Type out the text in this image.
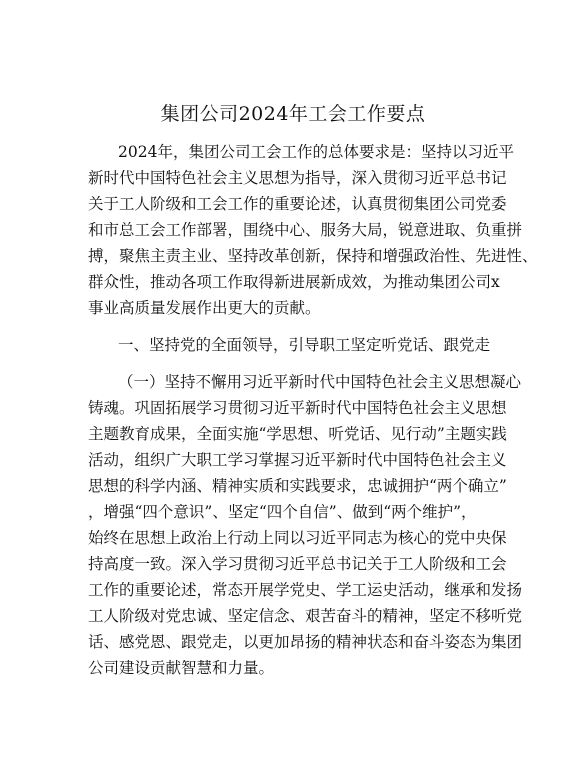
集团公司2024年工会工作要点
2024年，集团公司工会工作的总体要求是：坚持以习近平
新时代中国特色社会主义思想为指导，深入贯彻习近平总书记
关于工人阶级和工会工作的重要论述，认真贯彻集团公司党委
和市总工会工作部署，围绕中心、服务大局，锐意进取、负重拼
搏，聚焦主责主业、坚持改革创新，保持和增强政治性、先进性、
群众性，推动各项工作取得新进展新成效，为推动集团公司x
事业高质量发展作出更大的贡献。
一、坚持党的全面领导，引导职工坚定听党话、跟党走
（一）坚持不懈用习近平新时代中国特色社会主义思想凝心
铸魂。巩固拓展学习贯彻习近平新时代中国特色社会主义思想
主题教育成果，全面实施“学思想、听党话、见行动”主题实践
活动，组织广大职工学习掌握习近平新时代中国特色社会主义
思想的科学内涵、精神实质和实践要求，忠诚拥护“两个确立”
，增强“四个意识”、坚定“四个自信”、做到“两个维护”，
始终在思想上政治上行动上同以习近平同志为核心的党中央保
持高度一致。深入学习贯彻习近平总书记关于工人阶级和工会
工作的重要论述，常态开展学党史、学工运史活动，继承和发扬
工人阶级对党忠诚、坚定信念、艰苦奋斗的精神，坚定不移听党
话、感党恩、跟党走，以更加昂扬的精神状态和奋斗姿态为集团
公司建设贡献智慧和力量。
